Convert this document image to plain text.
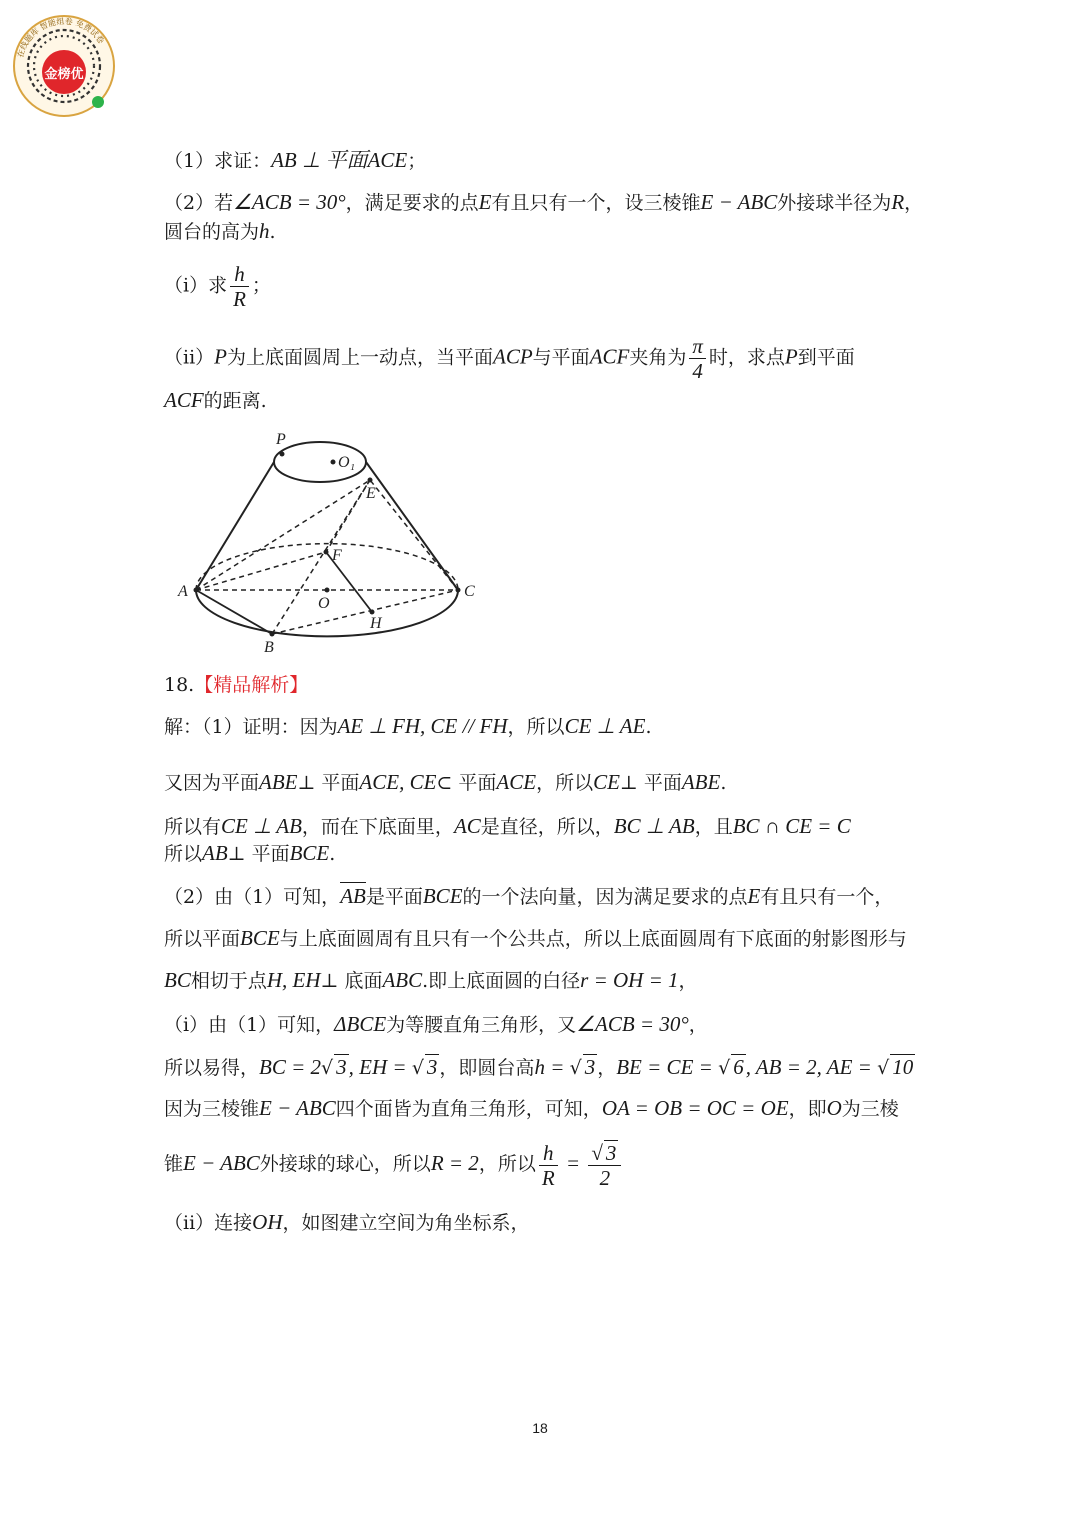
金榜优
在线题库 智能组卷 免费试卷
（1）求证：AB ⊥ 平面ACE；
（2）若∠ACB = 30°，满足要求的点E有且只有一个，设三棱锥E − ABC外接球半径为R，
圆台的高为h.
（i）求 $\frac{h}{R}$ ；
（ii）P为上底面圆周上一动点，当平面ACP与平面ACF夹角为 $\frac{\pi}{4}$ 时，求点P到平面
ACF的距离.
P
O₁
E
F
A	C
O
H
B
18.【精品解析】
解：（1）证明：因为AE ⊥ FH, CE // FH，所以CE ⊥ AE.
又因为平面ABE⊥ 平面ACE, CE⊂ 平面ACE，所以CE⊥ 平面ABE.
所以有CE ⊥ AB，而在下底面里，AC是直径，所以，BC ⊥ AB，且BC ∩ CE = C
所以AB⊥ 平面BCE.
（2）由（1）可知，AB是平面BCE的一个法向量，因为满足要求的点E有且只有一个，
所以平面BCE与上底面圆周有且只有一个公共点，所以上底面圆周有下底面的射影图形与
BC相切于点H, EH⊥ 底面ABC.即上底面圆的白径r = OH = 1，
（i）由（1）可知，ΔBCE为等腰直角三角形，又∠ACB = 30°，
所以易得，BC = 2√ 3, EH = √ 3 ，即圆台高h = √ 3 ，BE = CE = √ 6, AB = 2, AE = √ 10
因为三棱锥E − ABC四个面皆为直角三角形，可知，OA = OB = OC = OE，即O为三棱
锥E − ABC外接球的球心，所以R = 2，所以 $\frac{h}{R} = \frac{√ 3}{2}$
（ii）连接OH，如图建立空间为角坐标系，
18
